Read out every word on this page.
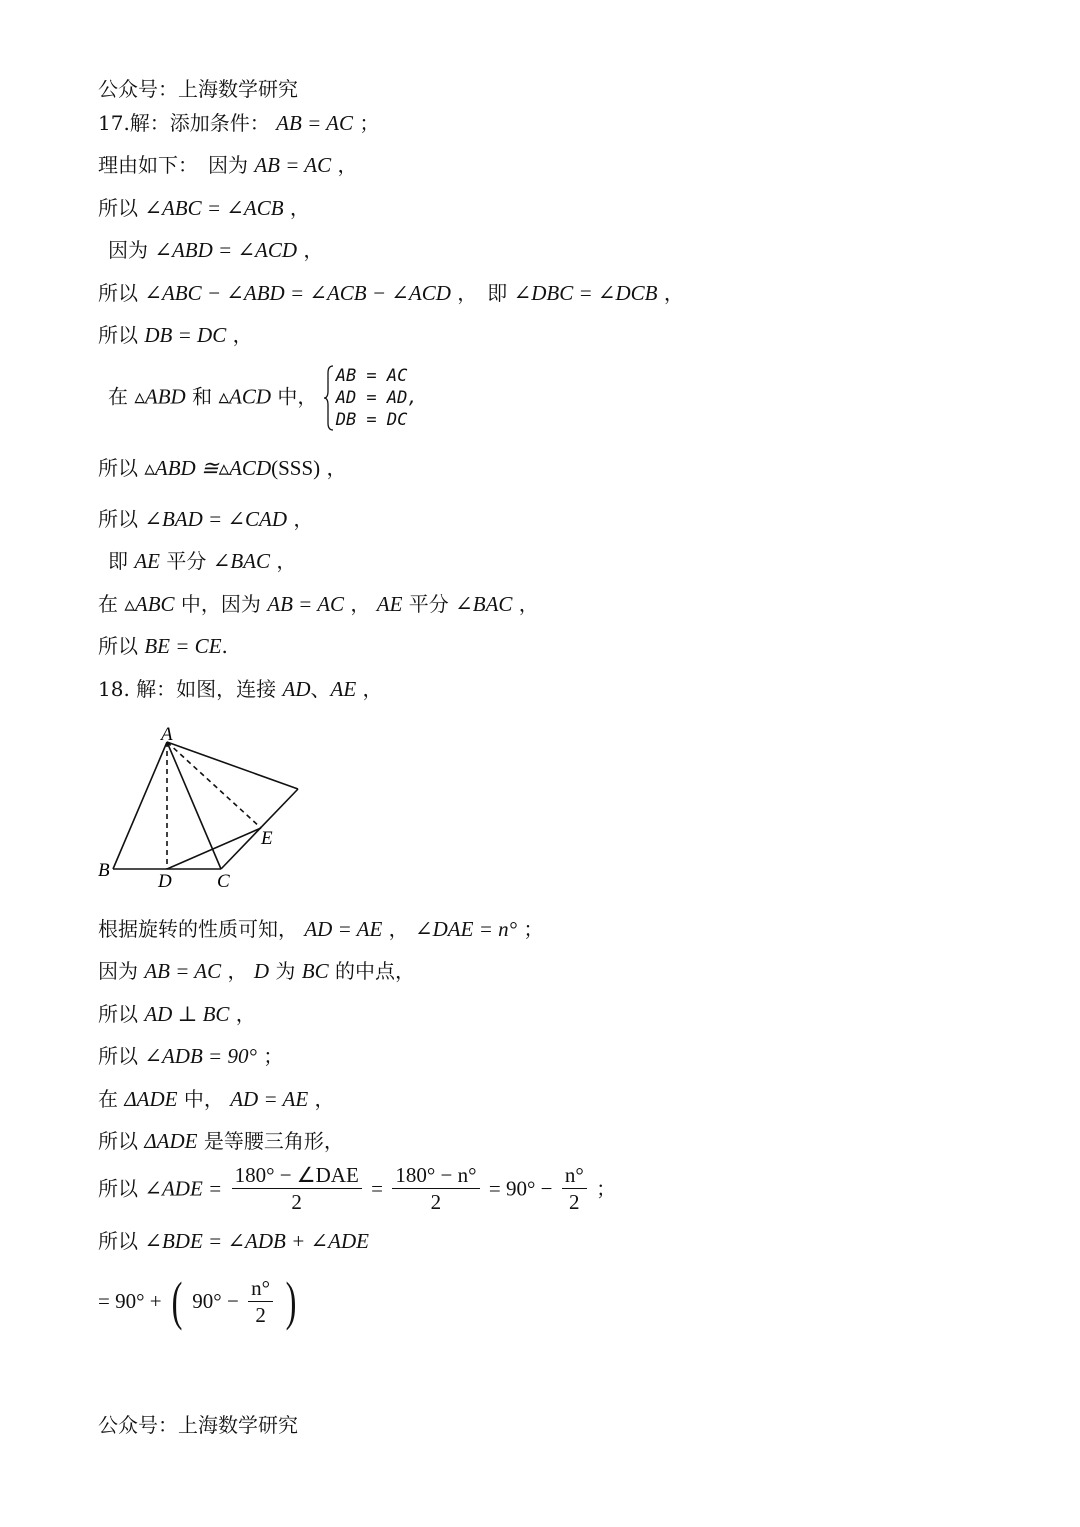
公众号：上海数学研究
17.解：添加条件： AB = AC ；
理由如下：　因为 AB = AC ，
所以 ∠ABC = ∠ACB ，
因为 ∠ABD = ∠ACD ，
所以 ∠ABC − ∠ABD = ∠ACB − ∠ACD ，　即 ∠DBC = ∠DCB ，
所以 DB = DC ，
在 ▵ABD 和 ▵ACD 中，
AB = AC
AD = AD,
DB = DC
所以 ▵ABD ≅▵ACD(SSS) ，
所以 ∠BAD = ∠CAD ，
即 AE 平分 ∠BAC ，
在 ▵ABC 中，因为 AB = AC ， AE 平分 ∠BAC ，
所以 BE = CE.
18. 解：如图，连接 AD、AE ，
A
B
D C
E
根据旋转的性质可知， AD = AE ， ∠DAE = n° ；
因为 AB = AC ， D 为 BC 的中点，
所以 AD ⊥ BC ，
所以 ∠ADB = 90° ；
在 ΔADE 中， AD = AE ，
所以 ΔADE 是等腰三角形，
所以 ∠ADE = $\frac{\text{180° − ∠DAE}}{2} = \frac{180^\circ - n^\circ}{2} = 90^\circ - \frac{n^\circ}{2}$ ；
所以 ∠BDE = ∠ADB + ∠ADE
= 90° + ( $90^\circ - \frac{n^\circ}{2}$ )
公众号：上海数学研究
